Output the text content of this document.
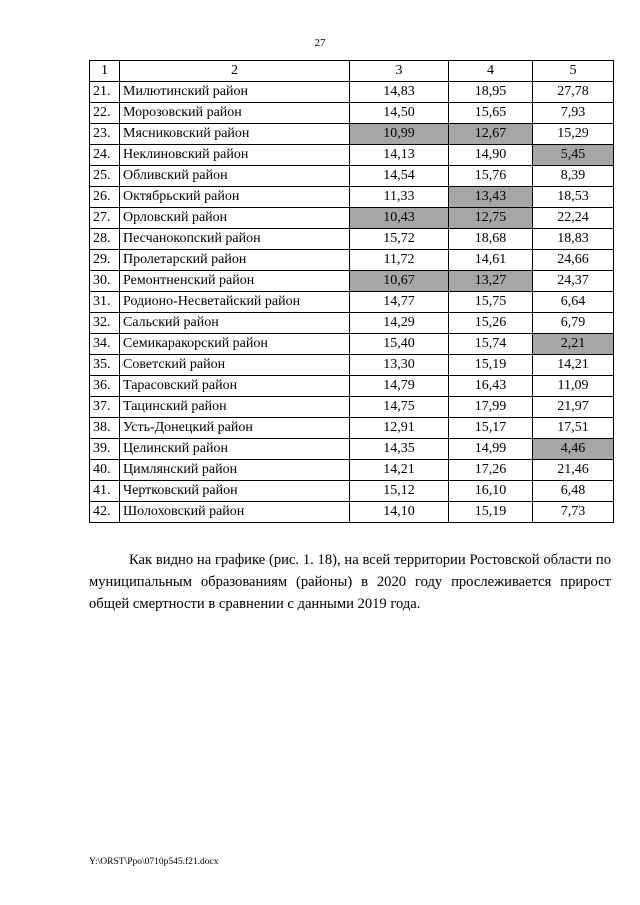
27
1	2	3	4	5
21.	Милютинский район	14,83	18,95	27,78
22.	Морозовский район	14,50	15,65	7,93
23.	Мясниковский район	10,99	12,67	15,29
24.	Неклиновский район	14,13	14,90	5,45
25.	Обливский район	14,54	15,76	8,39
26.	Октябрьский район	11,33	13,43	18,53
27.	Орловский район	10,43	12,75	22,24
28.	Песчанокопский район	15,72	18,68	18,83
29.	Пролетарский район	11,72	14,61	24,66
30.	Ремонтненский район	10,67	13,27	24,37
31.	Родионо-Несветайский район	14,77	15,75	6,64
32.	Сальский район	14,29	15,26	6,79
34.	Семикаракорский район	15,40	15,74	2,21
35.	Советский район	13,30	15,19	14,21
36.	Тарасовский район	14,79	16,43	11,09
37.	Тацинский район	14,75	17,99	21,97
38.	Усть-Донецкий район	12,91	15,17	17,51
39.	Целинский район	14,35	14,99	4,46
40.	Цимлянский район	14,21	17,26	21,46
41.	Чертковский район	15,12	16,10	6,48
42.	Шолоховский район	14,10	15,19	7,73

Как видно на графике (рис. 1. 18), на всей территории Ростовской области по муниципальным образованиям (районы) в 2020 году прослеживается прирост общей смертности в сравнении с данными 2019 года.

Y:\ORST\Ppo\0710p545.f21.docx
